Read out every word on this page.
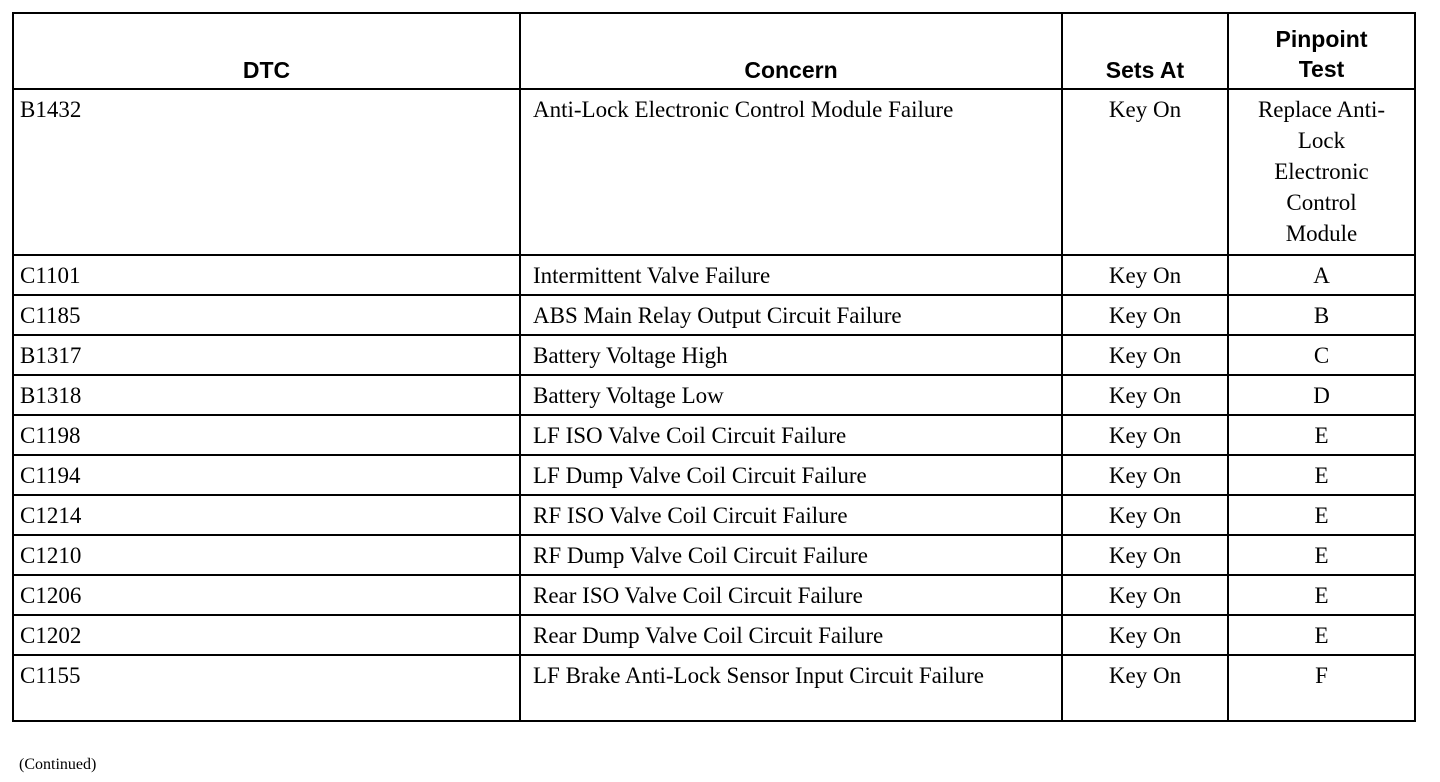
DTC	Concern	Sets At	Pinpoint
Test
B1432	Anti-Lock Electronic Control Module Failure	Key On	Replace Anti-Lock Electronic Control Module
C1101	Intermittent Valve Failure	Key On	A
C1185	ABS Main Relay Output Circuit Failure	Key On	B
B1317	Battery Voltage High	Key On	C
B1318	Battery Voltage Low	Key On	D
C1198	LF ISO Valve Coil Circuit Failure	Key On	E
C1194	LF Dump Valve Coil Circuit Failure	Key On	E
C1214	RF ISO Valve Coil Circuit Failure	Key On	E
C1210	RF Dump Valve Coil Circuit Failure	Key On	E
C1206	Rear ISO Valve Coil Circuit Failure	Key On	E
C1202	Rear Dump Valve Coil Circuit Failure	Key On	E
C1155	LF Brake Anti-Lock Sensor Input Circuit Failure	Key On	F
(Continued)
